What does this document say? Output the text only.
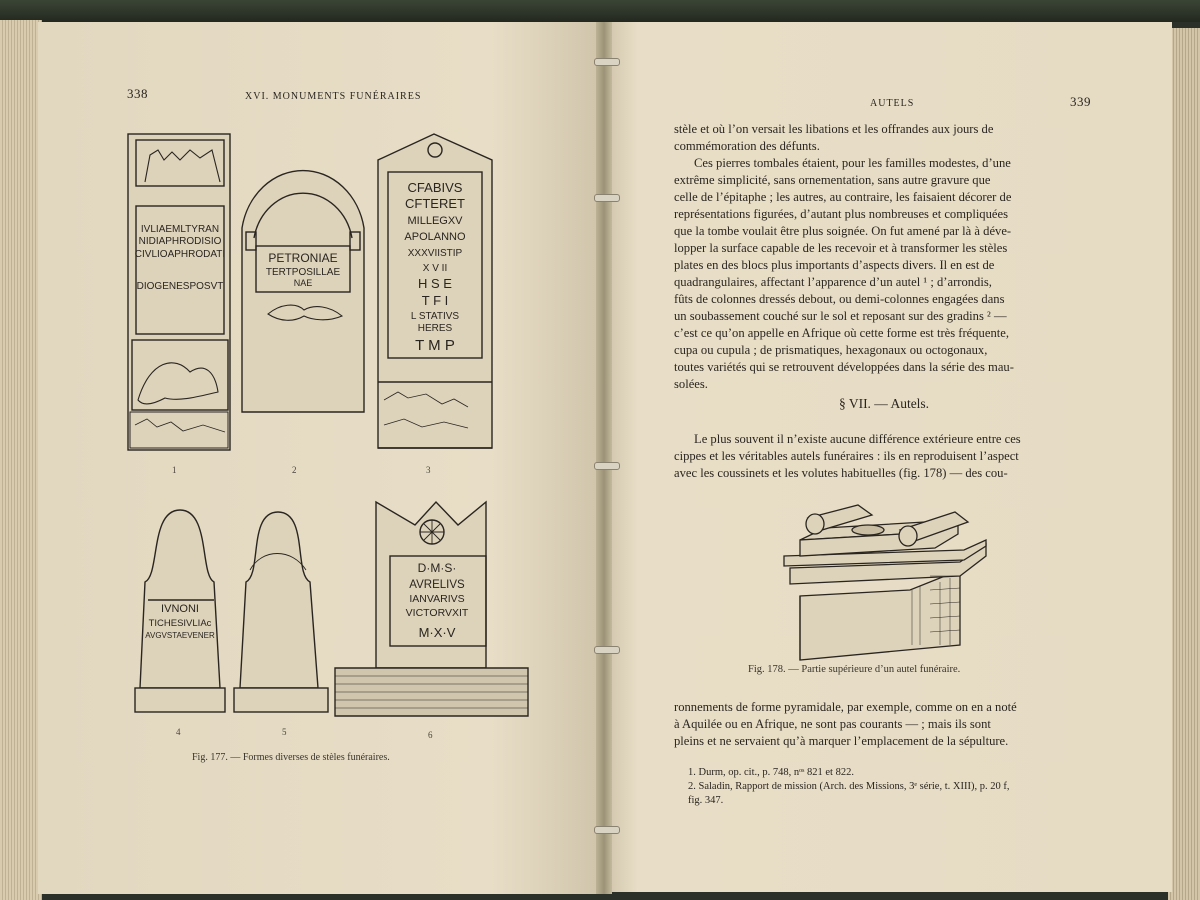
338	XVI. MONUMENTS FUNÉRAIRES
IVLIAEMLTYRAN
NIDIAPHRODISIO
CIVLIOAPHRODATI
DIOGENESPOSVT
PETRONIAE
TERTPOSILLAE
NAE
CFABIVS
CFTERET
MILLEGXV
APOLANNO
XXXVIISTIP
X V II
H S E
T F I
L STATIVS
HERES
T M P
IVNONI
TICHESIVLIAc
AVGVSTAEVENER
D·M·S·
AVRELIVS
IANVARIVS
VICTORVXIT
M·X·V
1	2	3
4	5	6
Fig. 177. — Formes diverses de stèles funéraires.
AUTELS	339

stèle et où l’on versait les libations et les offrandes aux jours de

commémoration des défunts.

Ces pierres tombales étaient, pour les familles modestes, d’une

extrême simplicité, sans ornementation, sans autre gravure que

celle de l’épitaphe ; les autres, au contraire, les faisaient décorer de

représentations figurées, d’autant plus nombreuses et compliquées

que la tombe voulait être plus soignée. On fut amené par là à déve-

lopper la surface capable de les recevoir et à transformer les stèles

plates en des blocs plus importants d’aspects divers. Il en est de

quadrangulaires, affectant l’apparence d’un autel ¹ ; d’arrondis,

fûts de colonnes dressés debout, ou demi-colonnes engagées dans

un soubassement couché sur le sol et reposant sur des gradins ² —

c’est ce qu’on appelle en Afrique où cette forme est très fréquente,

cupa ou cupula ; de prismatiques, hexagonaux ou octogonaux,

toutes variétés qui se retrouvent développées dans la série des mau-

solées.

§ VII. — Autels.

Le plus souvent il n’existe aucune différence extérieure entre ces

cippes et les véritables autels funéraires : ils en reproduisent l’aspect

avec les coussinets et les volutes habituelles (fig. 178) — des cou-

Fig. 178. — Partie supérieure d’un autel funéraire.

ronnements de forme pyramidale, par exemple, comme on en a noté

à Aquilée ou en Afrique, ne sont pas courants — ; mais ils sont

pleins et ne servaient qu’à marquer l’emplacement de la sépulture.

1. Durm, op. cit., p. 748, nᵒˢ 821 et 822.

2. Saladin, Rapport de mission (Arch. des Missions, 3ᵉ série, t. XIII), p. 20 f,

fig. 347.
